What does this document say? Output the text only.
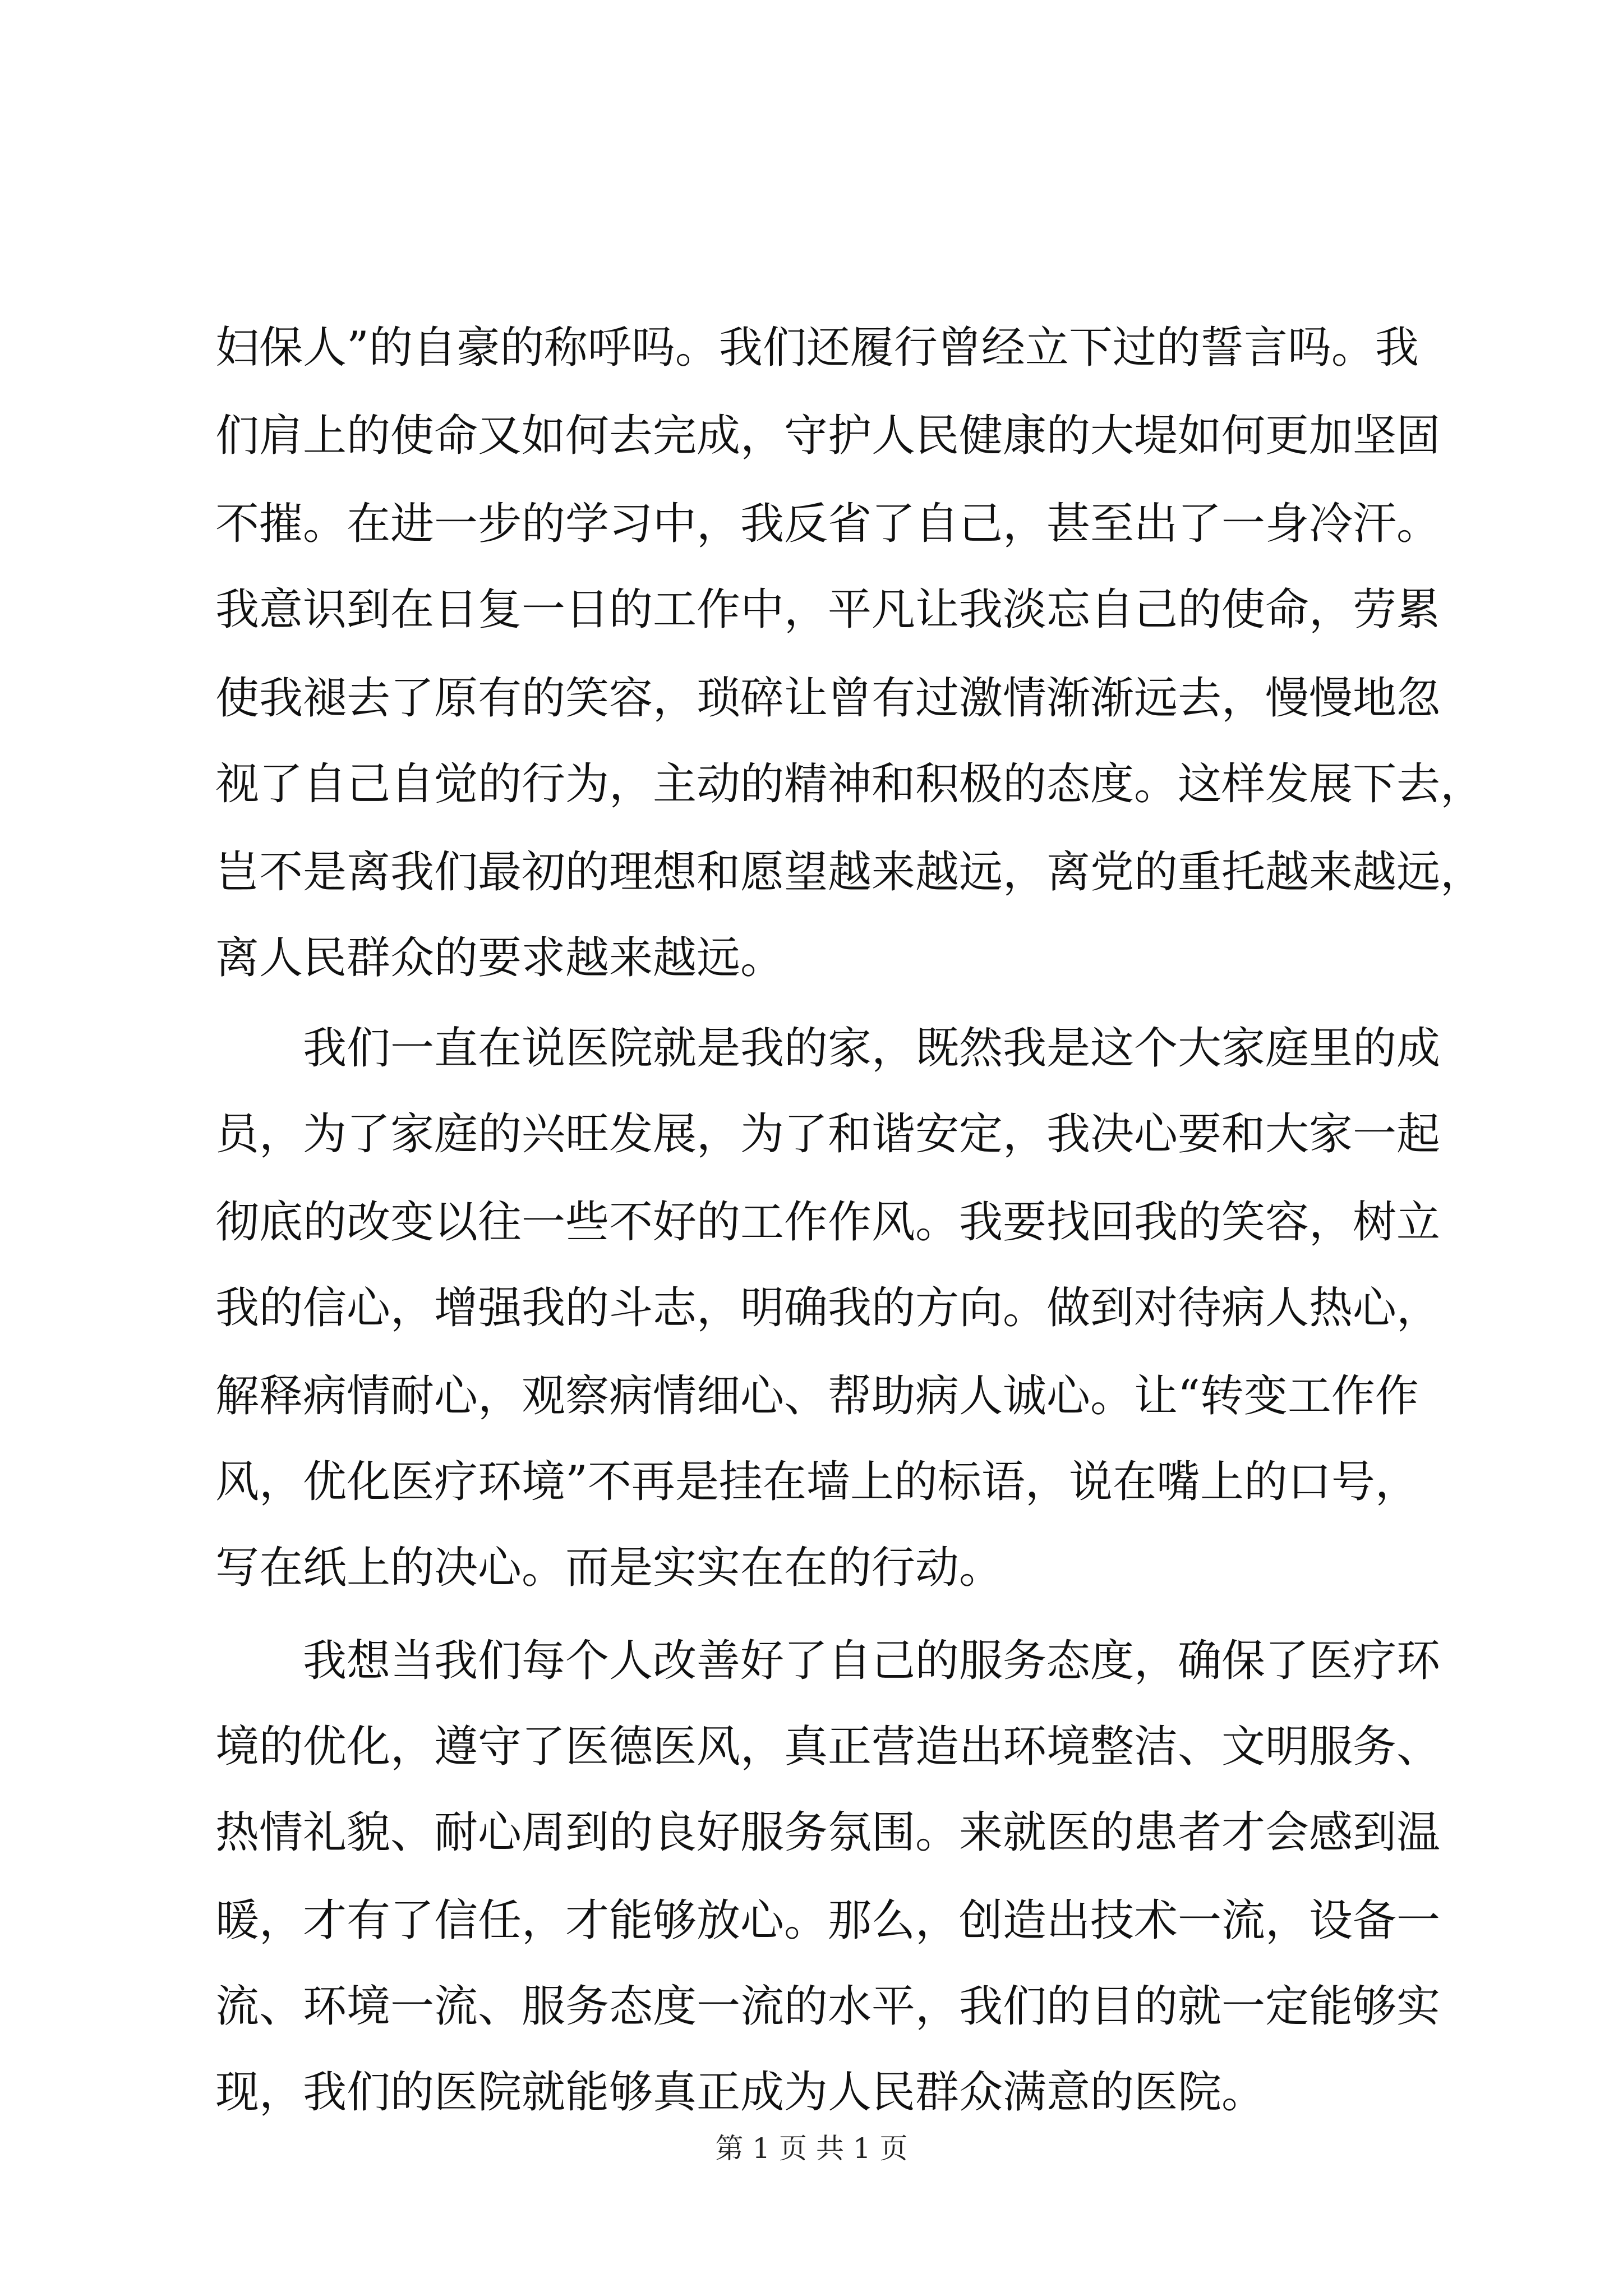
妇保人”的自豪的称呼吗。我们还履行曾经立下过的誓言吗。我
们肩上的使命又如何去完成，守护人民健康的大堤如何更加坚固
不摧。在进一步的学习中，我反省了自己，甚至出了一身冷汗。
我意识到在日复一日的工作中，平凡让我淡忘自己的使命，劳累
使我褪去了原有的笑容，琐碎让曾有过激情渐渐远去，慢慢地忽
视了自己自觉的行为，主动的精神和积极的态度。这样发展下去，
岂不是离我们最初的理想和愿望越来越远，离党的重托越来越远，
离人民群众的要求越来越远。
　　我们一直在说医院就是我的家，既然我是这个大家庭里的成
员，为了家庭的兴旺发展，为了和谐安定，我决心要和大家一起
彻底的改变以往一些不好的工作作风。我要找回我的笑容，树立
我的信心，增强我的斗志，明确我的方向。做到对待病人热心，
解释病情耐心，观察病情细心、帮助病人诚心。让“转变工作作
风，优化医疗环境”不再是挂在墙上的标语，说在嘴上的口号，
写在纸上的决心。而是实实在在的行动。
　　我想当我们每个人改善好了自己的服务态度，确保了医疗环
境的优化，遵守了医德医风，真正营造出环境整洁、文明服务、
热情礼貌、耐心周到的良好服务氛围。来就医的患者才会感到温
暖，才有了信任，才能够放心。那么，创造出技术一流，设备一
流、环境一流、服务态度一流的水平，我们的目的就一定能够实
现，我们的医院就能够真正成为人民群众满意的医院。
第 1 页 共 1 页
